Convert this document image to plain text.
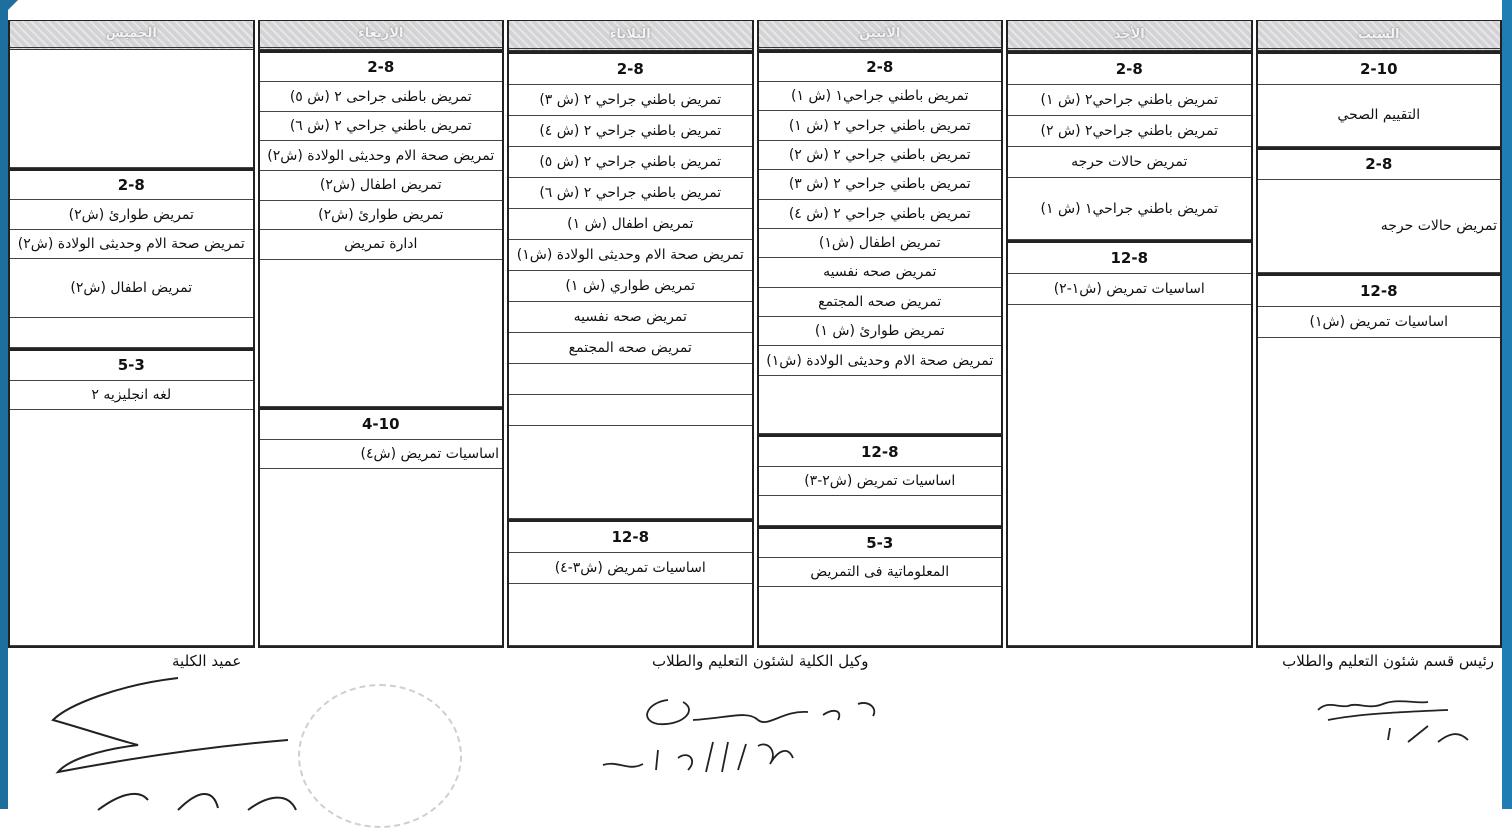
السبت
2-10
التقييم الصحي
2-8
تمريض حالات حرجه
12-8
اساسيات تمريض (ش١)
الأحد
2-8
تمريض باطني جراحي٢ (ش ١)
تمريض باطني جراحي٢ (ش ٢)
تمريض حالات حرجه
تمريض باطني جراحي١ (ش ١)
12-8
اساسيات تمريض (ش١-٢)
الاثنين
2-8
تمريض باطني جراحي١ (ش ١)
تمريض باطني جراحي ٢ (ش ١)
تمريض باطني جراحي ٢ (ش ٢)
تمريض باطني جراحي ٢ (ش ٣)
تمريض باطني جراحي ٢ (ش ٤)
تمريض اطفال (ش١)
تمريض صحه نفسيه
تمريض صحه المجتمع
تمريض طوارئ (ش ١)
تمريض صحة الام وحديثى الولادة (ش١)
12-8
اساسيات تمريض (ش٢-٣)
5-3
المعلوماتية فى التمريض
الثلاثاء
2-8
تمريض باطني جراحي ٢ (ش ٣)
تمريض باطني جراحي ٢ (ش ٤)
تمريض باطني جراحي ٢ (ش ٥)
تمريض باطني جراحي ٢ (ش ٦)
تمريض اطفال (ش ١)
تمريض صحة الام وحديثى الولادة (ش١)
تمريض طواري (ش ١)
تمريض صحه نفسيه
تمريض صحه المجتمع
12-8
اساسيات تمريض (ش٣-٤)
الاربعاء
2-8
تمريض باطنى جراحى ٢ (ش ٥)
تمريض باطني جراحي ٢ (ش ٦)
تمريض صحة الام وحديثى الولادة (ش٢)
تمريض اطفال (ش٢)
تمريض طوارئ (ش٢)
ادارة تمريض
4-10
اساسيات تمريض (ش٤)
الخميس
2-8
تمريض طوارئ (ش٢)
تمريض صحة الام وحديثى الولادة (ش٢)
تمريض اطفال (ش٢)
5-3
لغه انجليزيه ٢
رئيس قسم شئون التعليم والطلاب
وكيل الكلية لشئون التعليم والطلاب
عميد الكلية
